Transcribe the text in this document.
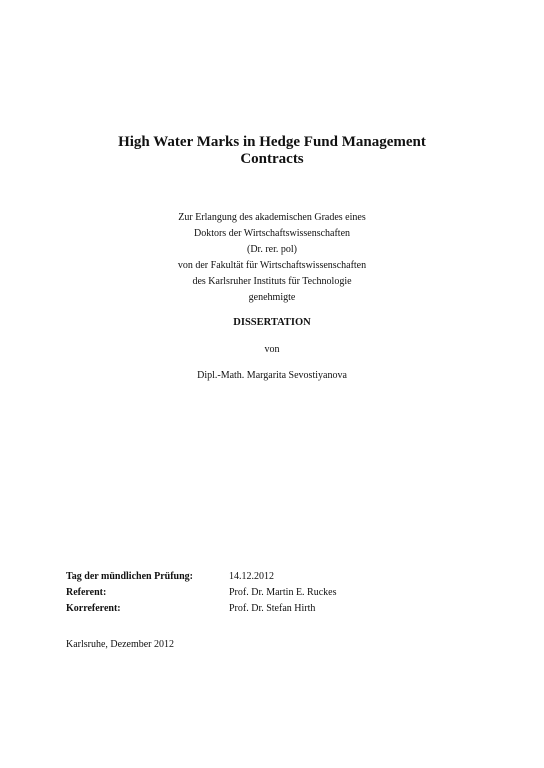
High Water Marks in Hedge Fund Management
Contracts
Zur Erlangung des akademischen Grades eines
Doktors der Wirtschaftswissenschaften
(Dr. rer. pol)
von der Fakultät für Wirtschaftswissenschaften
des Karlsruher Instituts für Technologie
genehmigte
DISSERTATION
von
Dipl.-Math. Margarita Sevostiyanova
Tag der mündlichen Prüfung:	14.12.2012
Referent:	Prof. Dr. Martin E. Ruckes
Korreferent:	Prof. Dr. Stefan Hirth
Karlsruhe, Dezember 2012
